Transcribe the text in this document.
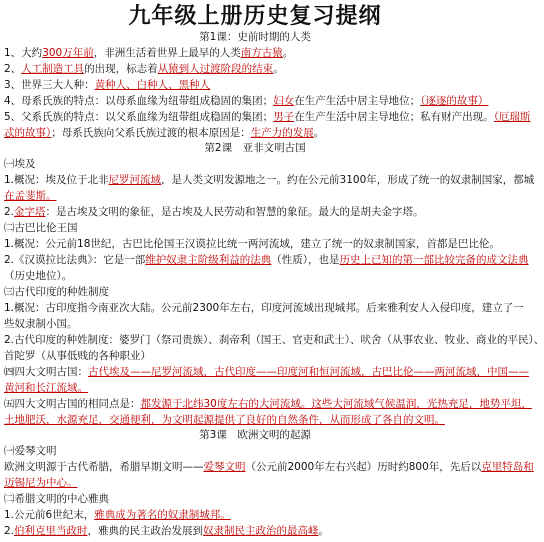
九年级上册历史复习提纲

第1课：史前时期的人类

1、大约300万年前，非洲生活着世界上最早的人类南方古猿。

2、人工制造工具的出现，标志着从猿到人过渡阶段的结束。

3、世界三大人种：黄种人、白种人、黑种人

4、母系氏族的特点：以母系血缘为纽带组成稳固的集团；妇女在生产生活中居主导地位；（逐逐的故事）

5、父系氏族的特点：以父系血缘为纽带组成稳固的集团；男子在生产生活中居主导地位；私有财产出现。（厄瑞斯

忒的故事）；母系氏族向父系氏族过渡的根本原因是：生产力的发展。

第2课　亚非文明古国

㈠埃及

1.概况：埃及位于北非尼罗河流域，是人类文明发源地之一。约在公元前3100年，形成了统一的奴隶制国家，都城

在孟斐斯。

2.金字塔：是古埃及文明的象征，是古埃及人民劳动和智慧的象征。最大的是胡夫金字塔。

㈡古巴比伦王国

1.概况：公元前18世纪，古巴比伦国王汉谟拉比统一两河流域，建立了统一的奴隶制国家，首都是巴比伦。

2.《汉谟拉比法典》：它是一部维护奴隶主阶级利益的法典（性质），也是历史上已知的第一部比较完备的成文法典

（历史地位）。

㈢古代印度的种姓制度

1.概况：古印度指今南亚次大陆。公元前2300年左右，印度河流域出现城邦。后来雅利安人入侵印度，建立了一

些奴隶制小国。

2.古代印度的种姓制度：婆罗门（祭司贵族）、刹帝利（国王、官吏和武士）、吠舍（从事农业、牧业、商业的平民）、

首陀罗（从事低贱的各种职业）

㈣四大文明古国：古代埃及——尼罗河流域，古代印度——印度河和恒河流域，古巴比伦——两河流域，中国——

黄河和长江流域。

㈤四大文明古国的相同点是：都发源于北纬30度左右的大河流域。这些大河流域气候温润，光热充足，地势平坦，

土地肥沃，水源充足，交通便利，为文明起源提供了良好的自然条件，从而形成了各自的文明。

第3课　欧洲文明的起源

㈠爱琴文明

欧洲文明源于古代希腊，希腊早期文明——爱琴文明（公元前2000年左右兴起）历时约800年，先后以克里特岛和

迈锡尼为中心。

㈡希腊文明的中心雅典

1.公元前6世纪末，雅典成为著名的奴隶制城邦。

2.伯利克里当政时，雅典的民主政治发展到奴隶制民主政治的最高峰。
